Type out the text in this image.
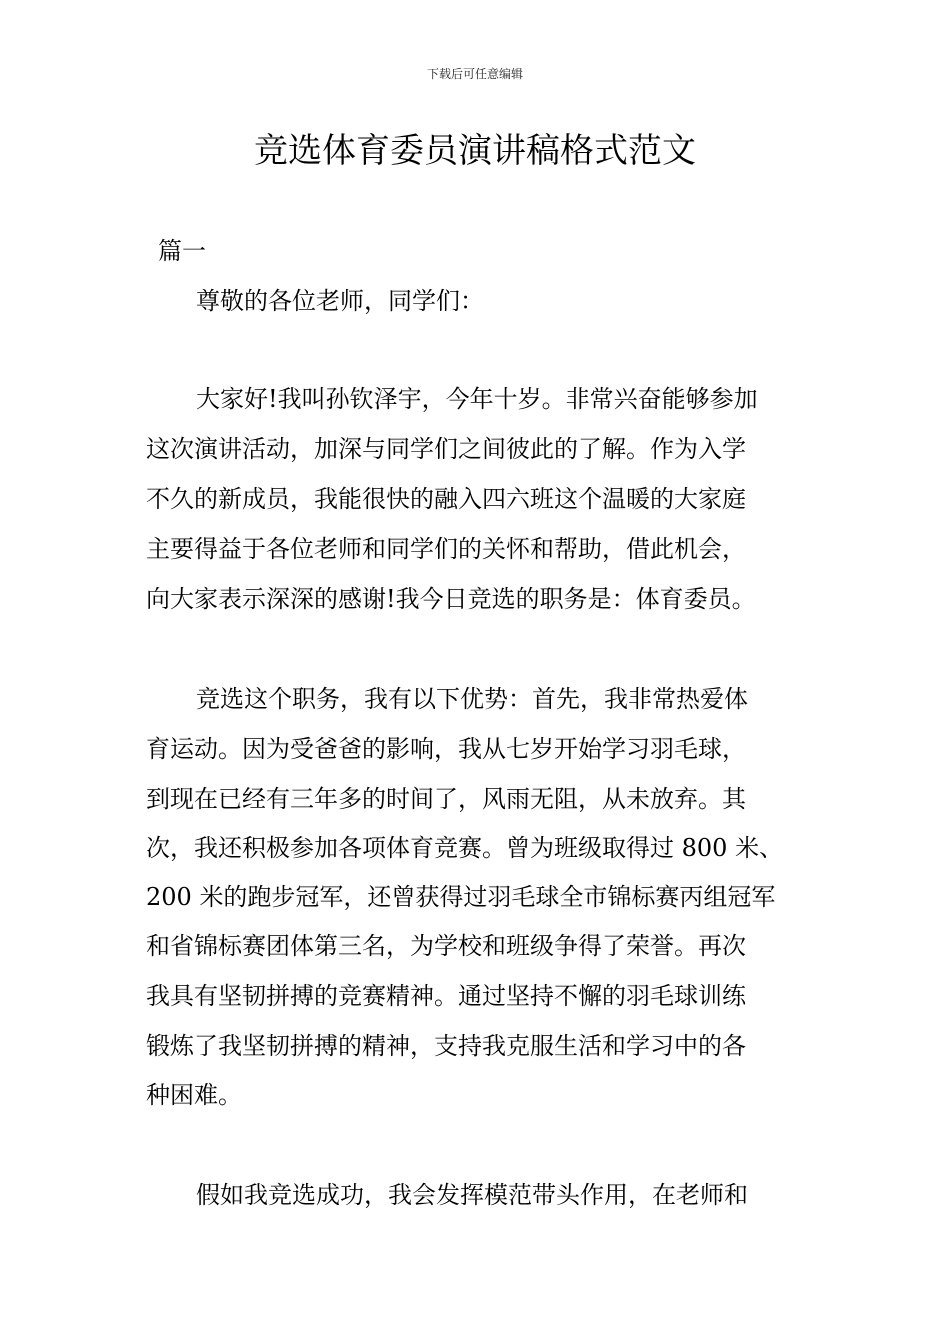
下载后可任意编辑
竞选体育委员演讲稿格式范文
篇一
尊敬的各位老师，同学们：
大家好!我叫孙钦泽宇，今年十岁。非常兴奋能够参加
这次演讲活动，加深与同学们之间彼此的了解。作为入学
不久的新成员，我能很快的融入四六班这个温暖的大家庭
主要得益于各位老师和同学们的关怀和帮助，借此机会，
向大家表示深深的感谢!我今日竞选的职务是：体育委员。
竞选这个职务，我有以下优势：首先，我非常热爱体
育运动。因为受爸爸的影响，我从七岁开始学习羽毛球，
到现在已经有三年多的时间了，风雨无阻，从未放弃。其
次，我还积极参加各项体育竞赛。曾为班级取得过 800 米、
200 米的跑步冠军，还曾获得过羽毛球全市锦标赛丙组冠军
和省锦标赛团体第三名，为学校和班级争得了荣誉。再次
我具有坚韧拼搏的竞赛精神。通过坚持不懈的羽毛球训练
锻炼了我坚韧拼搏的精神，支持我克服生活和学习中的各
种困难。
假如我竞选成功，我会发挥模范带头作用，在老师和
